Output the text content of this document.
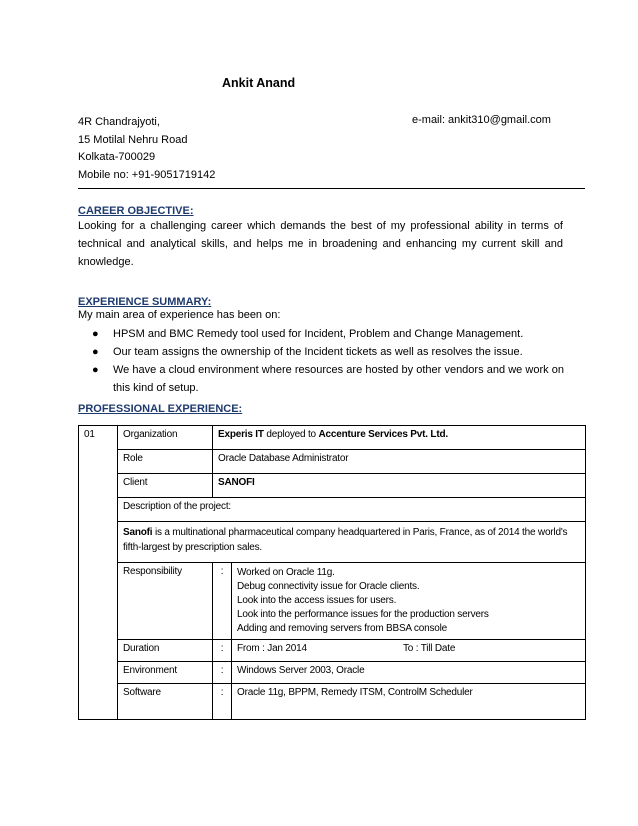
Ankit Anand
4R Chandrajyoti,
15 Motilal Nehru Road
Kolkata-700029
Mobile no: +91-9051719142
e-mail: ankit310@gmail.com
CAREER OBJECTIVE:
Looking for a challenging career which demands the best of my professional ability in terms of technical and analytical skills, and helps me in broadening and enhancing my current skill and knowledge.
EXPERIENCE SUMMARY:
My main area of experience has been on:
● HPSM and BMC Remedy tool used for Incident, Problem and Change Management.
● Our team assigns the ownership of the Incident tickets as well as resolves the issue.
● We have a cloud environment where resources are hosted by other vendors and we work on this kind of setup.
PROFESSIONAL EXPERIENCE:
01	Organization	Experis IT deployed to Accenture Services Pvt. Ltd.	
	Role	Oracle Database Administrator	
	Client	SANOFI	
	Description of the project:		
	Sanofi is a multinational pharmaceutical company headquartered in Paris, France, as of 2014 the world's fifth-largest by prescription sales.		
	Responsibility	:	Worked on Oracle 11g.
Debug connectivity issue for Oracle clients.
Look into the access issues for users.
Look into the performance issues for the production servers
Adding and removing servers from BBSA console

	Duration	:	From : Jan 2014 To : Till Date
	Environment	:	Windows Server 2003, Oracle
	Software	:	Oracle 11g, BPPM, Remedy ITSM, ControlM Scheduler
